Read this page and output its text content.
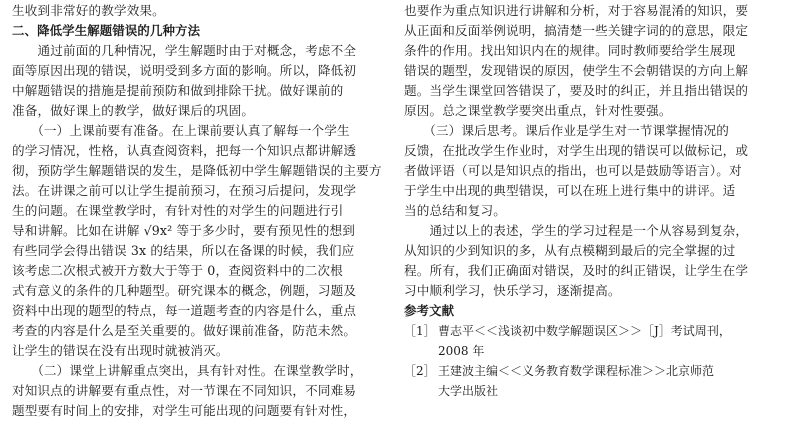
生收到非常好的教学效果。
二、降低学生解题错误的几种方法
　　通过前面的几种情况，学生解题时由于对概念，考虑不全
面等原因出现的错误，说明受到多方面的影响。所以，降低初
中解题错误的措施是提前预防和做到排除干扰。做好课前的
准备，做好课上的教学，做好课后的巩固。
　　（一）上课前要有准备。在上课前要认真了解每一个学生
的学习情况，性格，认真查阅资料，把每一个知识点都讲解透
彻，预防学生解题错误的发生，是降低初中学生解题错误的主要方
法。在讲课之前可以让学生提前预习，在预习后提问，发现学
生的问题。在课堂教学时，有针对性的对学生的问题进行引
导和讲解。比如在讲解 √9x² 等于多少时，要有预见性的想到
有些同学会得出错误 3x 的结果，所以在备课的时候，我们应
该考虑二次根式被开方数大于等于 0，查阅资料中的二次根
式有意义的条件的几种题型。研究课本的概念，例题，习题及
资料中出现的题型的特点，每一道题考查的内容是什么，重点
考查的内容是什么是至关重要的。做好课前准备，防范未然。
让学生的错误在没有出现时就被消灭。
　　（二）课堂上讲解重点突出，具有针对性。在课堂教学时，
对知识点的讲解要有重点性，对一节课在不同知识，不同难易
题型要有时间上的安排，对学生可能出现的问题要有针对性，
也要作为重点知识进行讲解和分析，对于容易混淆的知识，要
从正面和反面举例说明，搞清楚一些关键字词的的意思，限定
条件的作用。找出知识内在的规律。同时教师要给学生展现
错误的题型，发现错误的原因，使学生不会朝错误的方向上解
题。当学生课堂回答错误了，要及时的纠正，并且指出错误的
原因。总之课堂教学要突出重点，针对性要强。
　　（三）课后思考。课后作业是学生对一节课掌握情况的
反馈，在批改学生作业时，对学生出现的错误可以做标记，或
者做评语（可以是知识点的指出，也可以是鼓励等语言）。对
于学生中出现的典型错误，可以在班上进行集中的讲评。适
当的总结和复习。
　　通过以上的表述，学生的学习过程是一个从容易到复杂，
从知识的少到知识的多，从有点模糊到最后的完全掌握的过
程。所有，我们正确面对错误，及时的纠正错误，让学生在学
习中顺利学习，快乐学习，逐渐提高。
参考文献
［1］ 曹志平＜＜浅谈初中数学解题误区＞＞［J］考试周刊，
2008 年
［2］ 王建波主编＜＜义务教育数学课程标准＞＞北京师范
大学出版社
